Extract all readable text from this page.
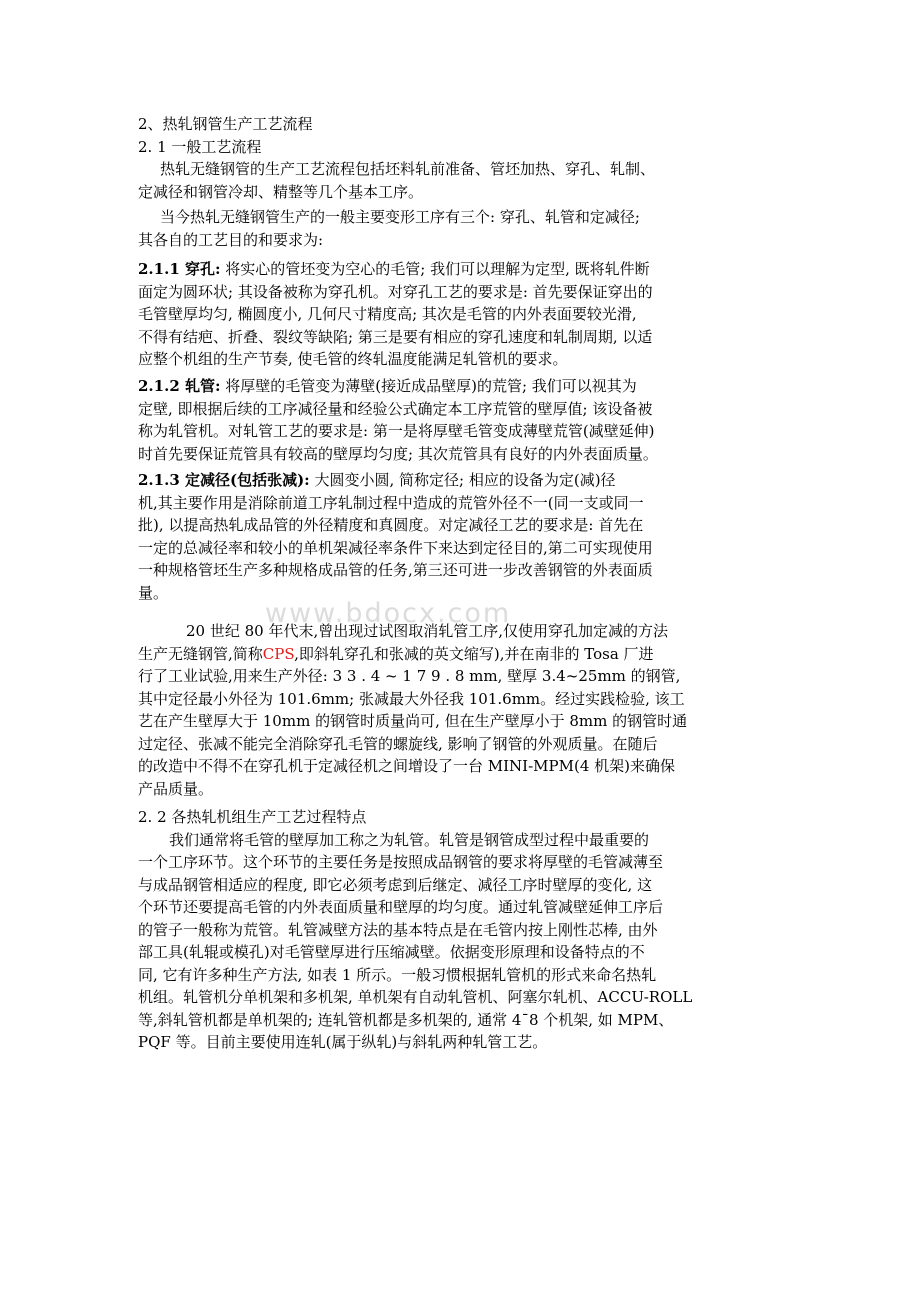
www.bdocx.com
2、热轧钢管生产工艺流程
2. 1 一般工艺流程
热轧无缝钢管的生产工艺流程包括坯料轧前准备、管坯加热、穿孔、轧制、
定减径和钢管冷却、精整等几个基本工序。
当今热轧无缝钢管生产的一般主要变形工序有三个: 穿孔、轧管和定减径;
其各自的工艺目的和要求为:
2.1.1 穿孔: 将实心的管坯变为空心的毛管; 我们可以理解为定型, 既将轧件断
面定为圆环状; 其设备被称为穿孔机。对穿孔工艺的要求是: 首先要保证穿出的
毛管壁厚均匀, 椭圆度小, 几何尺寸精度高; 其次是毛管的内外表面要较光滑,
不得有结疤、折叠、裂纹等缺陷; 第三是要有相应的穿孔速度和轧制周期, 以适
应整个机组的生产节奏, 使毛管的终轧温度能满足轧管机的要求。
2.1.2 轧管: 将厚壁的毛管变为薄壁(接近成品壁厚)的荒管; 我们可以视其为
定壁, 即根据后续的工序减径量和经验公式确定本工序荒管的壁厚值; 该设备被
称为轧管机。对轧管工艺的要求是: 第一是将厚壁毛管变成薄壁荒管(减壁延伸)
时首先要保证荒管具有较高的壁厚均匀度; 其次荒管具有良好的内外表面质量。
2.1.3 定减径(包括张减): 大圆变小圆, 简称定径; 相应的设备为定(减)径
机,其主要作用是消除前道工序轧制过程中造成的荒管外径不一(同一支或同一
批), 以提高热轧成品管的外径精度和真圆度。对定减径工艺的要求是: 首先在
一定的总减径率和较小的单机架减径率条件下来达到定径目的,第二可实现使用
一种规格管坯生产多种规格成品管的任务,第三还可进一步改善钢管的外表面质
量。
20 世纪 80 年代末,曾出现过试图取消轧管工序,仅使用穿孔加定减的方法
生产无缝钢管,简称CPS,即斜轧穿孔和张减的英文缩写),并在南非的 Tosa 厂进
行了工业试验,用来生产外径: 3 3 . 4 ~ 1 7 9 . 8 mm, 壁厚 3.4~25mm 的钢管,
其中定径最小外径为 101.6mm; 张减最大外径我 101.6mm。经过实践检验, 该工
艺在产生壁厚大于 10mm 的钢管时质量尚可, 但在生产壁厚小于 8mm 的钢管时通
过定径、张减不能完全消除穿孔毛管的螺旋线, 影响了钢管的外观质量。在随后
的改造中不得不在穿孔机于定减径机之间增设了一台 MINI-MPM(4 机架)来确保
产品质量。
2. 2 各热轧机组生产工艺过程特点
我们通常将毛管的壁厚加工称之为轧管。轧管是钢管成型过程中最重要的
一个工序环节。这个环节的主要任务是按照成品钢管的要求将厚壁的毛管减薄至
与成品钢管相适应的程度, 即它必须考虑到后继定、减径工序时壁厚的变化, 这
个环节还要提高毛管的内外表面质量和壁厚的均匀度。通过轧管减壁延伸工序后
的管子一般称为荒管。轧管减壁方法的基本特点是在毛管内按上刚性芯棒, 由外
部工具(轧辊或模孔)对毛管壁厚进行压缩减壁。依据变形原理和设备特点的不
同, 它有许多种生产方法, 如表 1 所示。一般习惯根据轧管机的形式来命名热轧
机组。轧管机分单机架和多机架, 单机架有自动轧管机、阿塞尔轧机、ACCU-ROLL
等,斜轧管机都是单机架的; 连轧管机都是多机架的, 通常 4¯8 个机架, 如 MPM、
PQF 等。目前主要使用连轧(属于纵轧)与斜轧两种轧管工艺。
